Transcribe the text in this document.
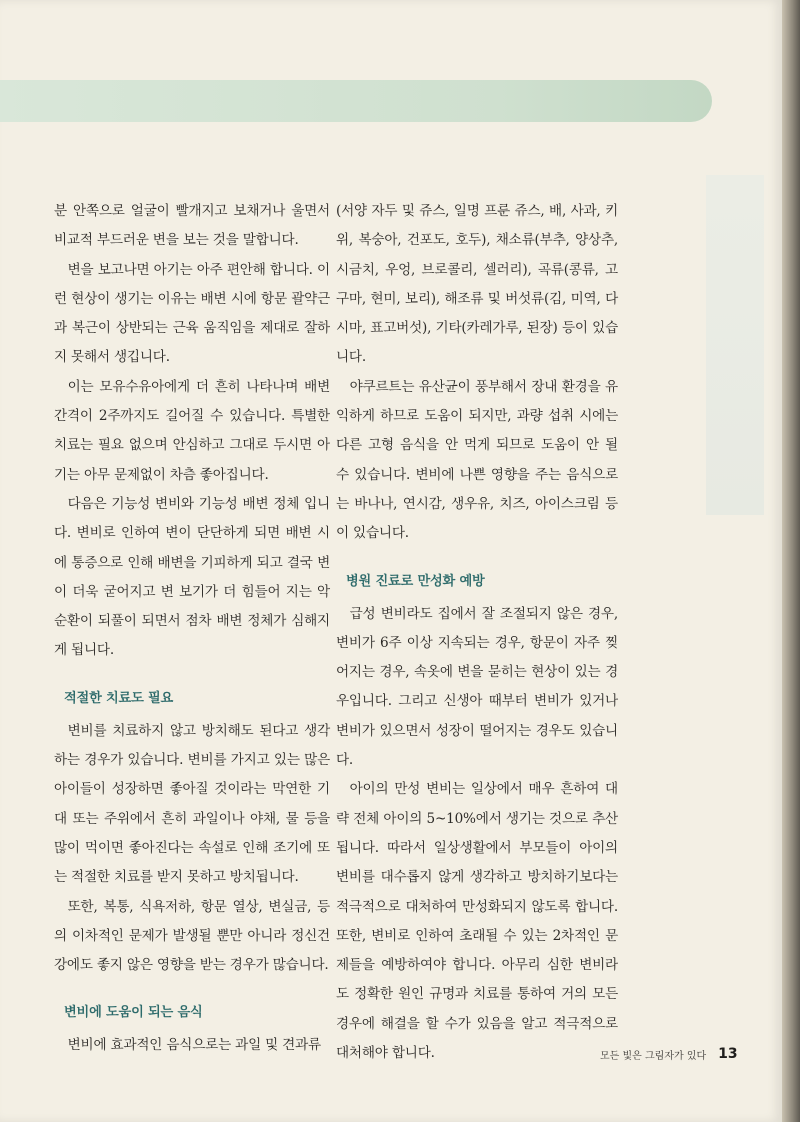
분 안쪽으로 얼굴이 빨개지고 보채거나 울면서 비교적 부드러운 변을 보는 것을 말합니다.

변을 보고나면 아기는 아주 편안해 합니다. 이런 현상이 생기는 이유는 배변 시에 항문 괄약근과 복근이 상반되는 근육 움직임을 제대로 잘하지 못해서 생깁니다.

이는 모유수유아에게 더 흔히 나타나며 배변 간격이 2주까지도 길어질 수 있습니다. 특별한 치료는 필요 없으며 안심하고 그대로 두시면 아기는 아무 문제없이 차츰 좋아집니다.

다음은 기능성 변비와 기능성 배변 정체 입니다. 변비로 인하여 변이 단단하게 되면 배변 시에 통증으로 인해 배변을 기피하게 되고 결국 변이 더욱 굳어지고 변 보기가 더 힘들어 지는 악순환이 되풀이 되면서 점차 배변 정체가 심해지게 됩니다.

적절한 치료도 필요

변비를 치료하지 않고 방치해도 된다고 생각하는 경우가 있습니다. 변비를 가지고 있는 많은 아이들이 성장하면 좋아질 것이라는 막연한 기대 또는 주위에서 흔히 과일이나 야채, 물 등을 많이 먹이면 좋아진다는 속설로 인해 조기에 또는 적절한 치료를 받지 못하고 방치됩니다.

또한, 복통, 식욕저하, 항문 열상, 변실금, 등의 이차적인 문제가 발생될 뿐만 아니라 정신건강에도 좋지 않은 영향을 받는 경우가 많습니다.

변비에 도움이 되는 음식

변비에 효과적인 음식으로는 과일 및 견과류

(서양 자두 및 쥬스, 일명 프룬 쥬스, 배, 사과, 키위, 복숭아, 건포도, 호두), 채소류(부추, 양상추, 시금치, 우엉, 브로콜리, 셀러리), 곡류(콩류, 고구마, 현미, 보리), 해조류 및 버섯류(김, 미역, 다시마, 표고버섯), 기타(카레가루, 된장) 등이 있습니다.

야쿠르트는 유산균이 풍부해서 장내 환경을 유익하게 하므로 도움이 되지만, 과량 섭취 시에는 다른 고형 음식을 안 먹게 되므로 도움이 안 될 수 있습니다. 변비에 나쁜 영향을 주는 음식으로는 바나나, 연시감, 생우유, 치즈, 아이스크림 등이 있습니다.

병원 진료로 만성화 예방

급성 변비라도 집에서 잘 조절되지 않은 경우, 변비가 6주 이상 지속되는 경우, 항문이 자주 찢어지는 경우, 속옷에 변을 묻히는 현상이 있는 경우입니다. 그리고 신생아 때부터 변비가 있거나 변비가 있으면서 성장이 떨어지는 경우도 있습니다.

아이의 만성 변비는 일상에서 매우 흔하여 대략 전체 아이의 5~10%에서 생기는 것으로 추산됩니다. 따라서 일상생활에서 부모들이 아이의 변비를 대수롭지 않게 생각하고 방치하기보다는 적극적으로 대처하여 만성화되지 않도록 합니다. 또한, 변비로 인하여 초래될 수 있는 2차적인 문제들을 예방하여야 합니다. 아무리 심한 변비라도 정확한 원인 규명과 치료를 통하여 거의 모든 경우에 해결을 할 수가 있음을 알고 적극적으로 대처해야 합니다.	모든 빛은 그림자가 있다 13
